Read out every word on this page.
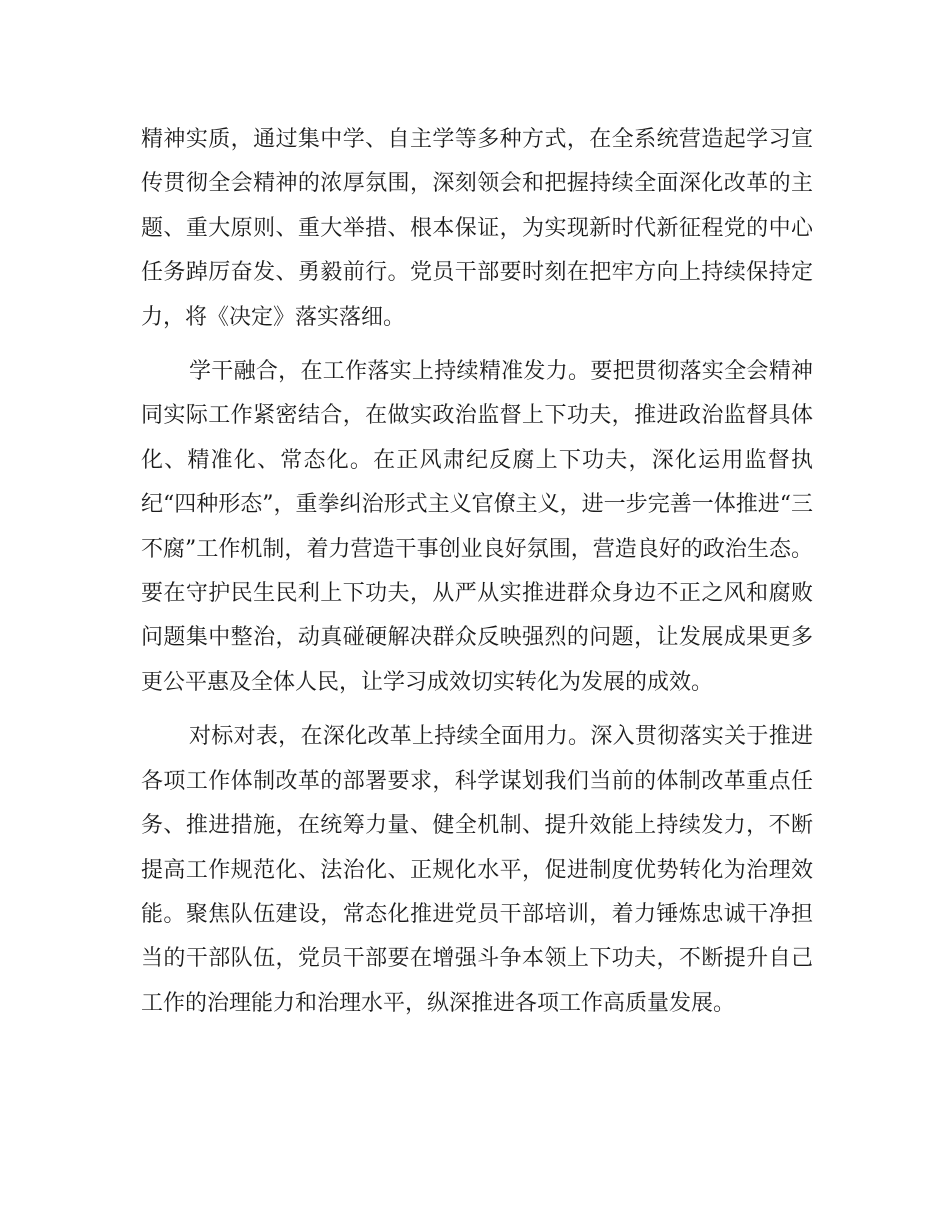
精神实质，通过集中学、自主学等多种方式，在全系统营造起学习宣传贯彻全会精神的浓厚氛围，深刻领会和把握持续全面深化改革的主题、重大原则、重大举措、根本保证，为实现新时代新征程党的中心任务踔厉奋发、勇毅前行。党员干部要时刻在把牢方向上持续保持定力，将《决定》落实落细。

学干融合，在工作落实上持续精准发力。要把贯彻落实全会精神同实际工作紧密结合，在做实政治监督上下功夫，推进政治监督具体化、精准化、常态化。在正风肃纪反腐上下功夫，深化运用监督执纪“四种形态”，重拳纠治形式主义官僚主义，进一步完善一体推进“三不腐”工作机制，着力营造干事创业良好氛围，营造良好的政治生态。要在守护民生民利上下功夫，从严从实推进群众身边不正之风和腐败问题集中整治，动真碰硬解决群众反映强烈的问题，让发展成果更多更公平惠及全体人民，让学习成效切实转化为发展的成效。

对标对表，在深化改革上持续全面用力。深入贯彻落实关于推进各项工作体制改革的部署要求，科学谋划我们当前的体制改革重点任务、推进措施，在统筹力量、健全机制、提升效能上持续发力，不断提高工作规范化、法治化、正规化水平，促进制度优势转化为治理效能。聚焦队伍建设，常态化推进党员干部培训，着力锤炼忠诚干净担当的干部队伍，党员干部要在增强斗争本领上下功夫，不断提升自己工作的治理能力和治理水平，纵深推进各项工作高质量发展。
